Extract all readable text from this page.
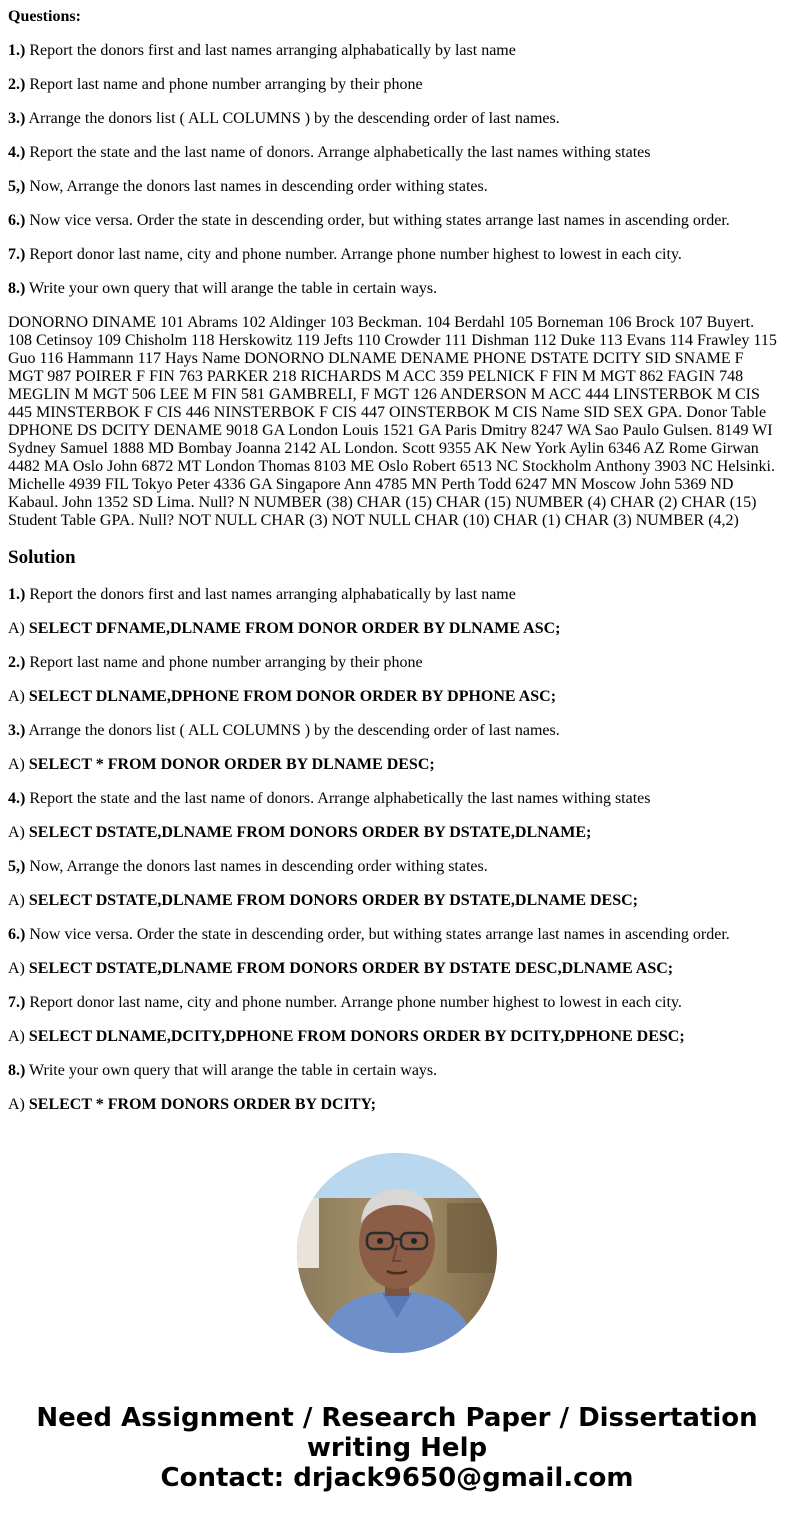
Questions:
1.) Report the donors first and last names arranging alphabatically by last name
2.) Report last name and phone number arranging by their phone
3.) Arrange the donors list ( ALL COLUMNS ) by the descending order of last names.
4.) Report the state and the last name of donors. Arrange alphabetically the last names withing states
5,) Now, Arrange the donors last names in descending order withing states.
6.) Now vice versa. Order the state in descending order, but withing states arrange last names in ascending order.
7.) Report donor last name, city and phone number. Arrange phone number highest to lowest in each city.
8.) Write your own query that will arange the table in certain ways.
DONORNO DINAME 101 Abrams 102 Aldinger 103 Beckman. 104 Berdahl 105 Borneman 106 Brock 107 Buyert. 108 Cetinsoy 109 Chisholm 118 Herskowitz 119 Jefts 110 Crowder 111 Dishman 112 Duke 113 Evans 114 Frawley 115 Guo 116 Hammann 117 Hays Name DONORNO DLNAME DENAME PHONE DSTATE DCITY SID SNAME F MGT 987 POIRER F FIN 763 PARKER 218 RICHARDS M ACC 359 PELNICK F FIN M MGT 862 FAGIN 748 MEGLIN M MGT 506 LEE M FIN 581 GAMBRELI, F MGT 126 ANDERSON M ACC 444 LINSTERBOK M CIS 445 MINSTERBOK F CIS 446 NINSTERBOK F CIS 447 OINSTERBOK M CIS Name SID SEX GPA. Donor Table DPHONE DS DCITY DENAME 9018 GA London Louis 1521 GA Paris Dmitry 8247 WA Sao Paulo Gulsen. 8149 WI Sydney Samuel 1888 MD Bombay Joanna 2142 AL London. Scott 9355 AK New York Aylin 6346 AZ Rome Girwan 4482 MA Oslo John 6872 MT London Thomas 8103 ME Oslo Robert 6513 NC Stockholm Anthony 3903 NC Helsinki. Michelle 4939 FIL Tokyo Peter 4336 GA Singapore Ann 4785 MN Perth Todd 6247 MN Moscow John 5369 ND Kabaul. John 1352 SD Lima. Null? N NUMBER (38) CHAR (15) CHAR (15) NUMBER (4) CHAR (2) CHAR (15) Student Table GPA. Null? NOT NULL CHAR (3) NOT NULL CHAR (10) CHAR (1) CHAR (3) NUMBER (4,2)
Solution
1.) Report the donors first and last names arranging alphabatically by last name
A) SELECT DFNAME,DLNAME FROM DONOR ORDER BY DLNAME ASC;
2.) Report last name and phone number arranging by their phone
A) SELECT DLNAME,DPHONE FROM DONOR ORDER BY DPHONE ASC;
3.) Arrange the donors list ( ALL COLUMNS ) by the descending order of last names.
A) SELECT * FROM DONOR ORDER BY DLNAME DESC;
4.) Report the state and the last name of donors. Arrange alphabetically the last names withing states
A) SELECT DSTATE,DLNAME FROM DONORS ORDER BY DSTATE,DLNAME;
5,) Now, Arrange the donors last names in descending order withing states.
A) SELECT DSTATE,DLNAME FROM DONORS ORDER BY DSTATE,DLNAME DESC;
6.) Now vice versa. Order the state in descending order, but withing states arrange last names in ascending order.
A) SELECT DSTATE,DLNAME FROM DONORS ORDER BY DSTATE DESC,DLNAME ASC;
7.) Report donor last name, city and phone number. Arrange phone number highest to lowest in each city.
A) SELECT DLNAME,DCITY,DPHONE FROM DONORS ORDER BY DCITY,DPHONE DESC;
8.) Write your own query that will arange the table in certain ways.
A) SELECT * FROM DONORS ORDER BY DCITY;
Need Assignment / Research Paper / Dissertation
writing Help
Contact: drjack9650@gmail.com
